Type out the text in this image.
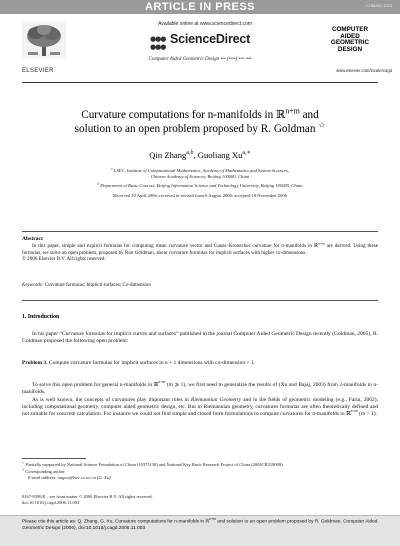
ARTICLE IN PRESS	COMAID:1023
ELSEVIER
Available online at www.sciencedirect.com
●●●
●●●
ScienceDirect
Computer Aided Geometric Design ••• (••••) •••–•••
COMPUTER
AIDED
GEOMETRIC
DESIGN
www.elsevier.com/locate/cagd
Curvature computations for n-manifolds in ℝ$^{n+m}$ and
solution to an open problem proposed by R. Goldman ☆
Qin Zhang$^{a,b}$, Guoliang $Xu^{a,∗}$
$^a$ LSEC, Institute of Computational Mathematics, Academy of Mathematics and System Sciences,
Chinese Academy of Sciences, Beijing 100080, China
$^b$ Department of Basic Courses, Beijing Information Science and Technology University, Beijing 100085, China
Received 10 April 2006; received in revised form 6 August 2006; accepted 10 November 2006
Abstract
In this paper, simple and explicit formulas for computing mean curvature vector and Gauss–Kronecker curvature for n-manifolds in ℝ$^{n+m}$ are derived. Using these formulas, we solve an open problem, proposed by Ron Goldman, about curvature formulas for implicit surfaces with higher co-dimensions.
© 2006 Elsevier B.V. All rights reserved.
Keywords: Curvature formulas; Implicit surfaces; Co-dimension
1. Introduction
In his paper “Curvature formulas for implicit curves and surfaces” published in the journal Computer Aided Geometric Design recently (Goldman, 2005), R. Goldman proposed the following open problem:
Problem 3. Compute curvature formulas for implicit surfaces in n + 1 dimensions with co-dimension > 1.
To solve this open problem for general n-manifolds in ℝ$^{n+m}$ (m ⩾ 1), we first need to generalize the results of (Xu and Bajaj, 2003) from 2-manifolds to n-manifolds.
As is well known, the concepts of curvatures play important roles in Riemannian Geometry and in the fields of geometric modeling (e.g., Farin, 2002), including computational geometry, computer aided geometric design, etc. But in Riemannian geometry, curvatures formulas are often theoretically defined and not suitable for concrete calculation. For instance we could not find simple and closed form formulations to compute curvatures for n-manifolds in ℝ$^{n+m}$ (m > 1).
☆ Partially supported by National Science Foundation of China (10371130) and National Key Basic Research Project of China (2004CB318000).
∗ Corresponding author.
E-mail address: xuguo@lsec.cc.ac.cn (G. Xu).
0167-8396/$ – see front matter © 2006 Elsevier B.V. All rights reserved.
doi:10.1016/j.cagd.2006.11.003
Please cite this article as: Q. Zhang, G. Xu, Curvature computations for n-manifolds in ℝ$^{n+m}$ and solution to an open problem proposed by R. Goldman, Computer Aided Geometric Design (2006), doi:10.1016/j.cagd.2006.11.003
